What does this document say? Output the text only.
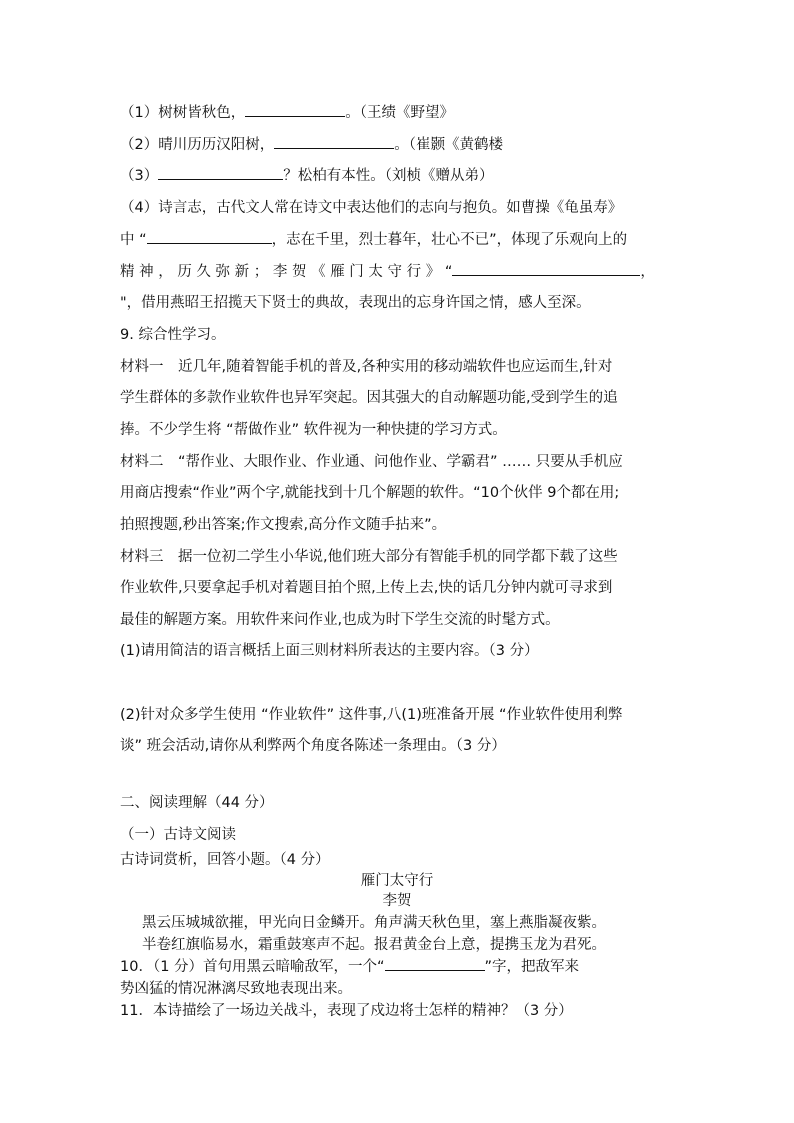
（1）树树皆秋色，	。（王绩《野望》
（2）晴川历历汉阳树，	。（崔颢《黄鹤楼
（3）	？松柏有本性。（刘桢《赠从弟）
（4）诗言志，古代文人常在诗文中表达他们的志向与抱负。如曹操《龟虽寿》
中 “	，志在千里，烈士暮年，壮心不已”，体现了乐观向上的
精 神 ， 历 久 弥 新 ； 李 贺 《 雁 门 太 守 行 》 “	，
"，借用燕昭王招揽天下贤士的典故，表现出的忘身许国之情，感人至深。
9. 综合性学习。
材料一　近几年,随着智能手机的普及,各种实用的移动端软件也应运而生,针对
学生群体的多款作业软件也异军突起。因其强大的自动解题功能,受到学生的追
捧。不少学生将 “帮做作业” 软件视为一种快捷的学习方式。
材料二　“帮作业、大眼作业、作业通、问他作业、学霸君” …… 只要从手机应
用商店搜索“作业”两个字,就能找到十几个解题的软件。“10个伙伴 9个都在用;
拍照搜题,秒出答案;作文搜索,高分作文随手拈来”。
材料三　据一位初二学生小华说,他们班大部分有智能手机的同学都下载了这些
作业软件,只要拿起手机对着题目拍个照,上传上去,快的话几分钟内就可寻求到
最佳的解题方案。用软件来问作业,也成为时下学生交流的时髦方式。
(1)请用简洁的语言概括上面三则材料所表达的主要内容。（3 分）
(2)针对众多学生使用 “作业软件” 这件事,八(1)班准备开展 “作业软件使用利弊
谈” 班会活动,请你从利弊两个角度各陈述一条理由。（3 分）
二、阅读理解（44 分）
（一）古诗文阅读
古诗词赏析，回答小题。（4 分）
雁门太守行
李贺
黑云压城城欲摧，甲光向日金鳞开。角声满天秋色里，塞上燕脂凝夜紫。
半卷红旗临易水，霜重鼓寒声不起。报君黄金台上意，提携玉龙为君死。
10．（1 分）首句用黑云暗喻敌军，一个“	”字，把敌军来
势凶猛的情况淋漓尽致地表现出来。
11．本诗描绘了一场边关战斗，表现了戍边将士怎样的精神？（3 分）
